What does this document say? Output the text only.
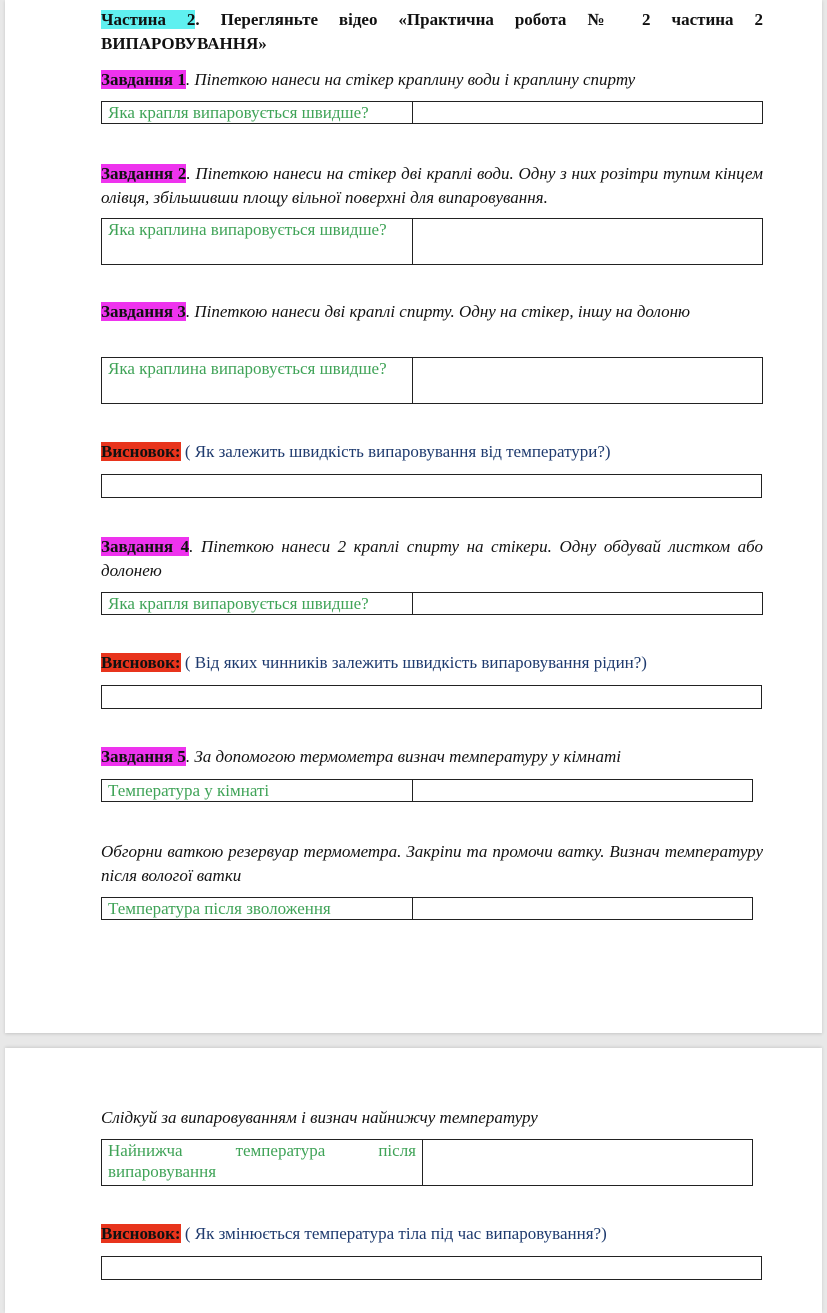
Частина 2. Перегляньте відео «Практична робота № 2 частина 2 ВИПАРОВУВАННЯ»
Завдання 1. Піпеткою нанеси на стікер краплину води і краплину спирту
Яка крапля випаровується швидше?	
Завдання 2. Піпеткою нанеси на стікер дві краплі води. Одну з них розітри тупим кінцем олівця, збільшивши площу вільної поверхні для випаровування.
Яка краплина випаровується швидше?	
Завдання 3. Піпеткою нанеси дві краплі спирту. Одну на стікер, іншу на долоню
Яка краплина випаровується швидше?	
Висновок: ( Як залежить швидкість випаровування від температури?)
Завдання 4. Піпеткою нанеси 2 краплі спирту на стікери. Одну обдувай листком або долонею
Яка крапля випаровується швидше?	
Висновок: ( Від яких чинників залежить швидкість випаровування рідин?)
Завдання 5. За допомогою термометра визнач температуру у кімнаті
Температура у кімнаті	
Обгорни ваткою резервуар термометра. Закріпи та промочи ватку. Визнач температуру після вологої ватки
Температура після зволоження	
Слідкуй за випаровуванням і визнач найнижчу температуру
Найнижча температура після випаровування	
Висновок: ( Як змінюється температура тіла під час випаровування?)
